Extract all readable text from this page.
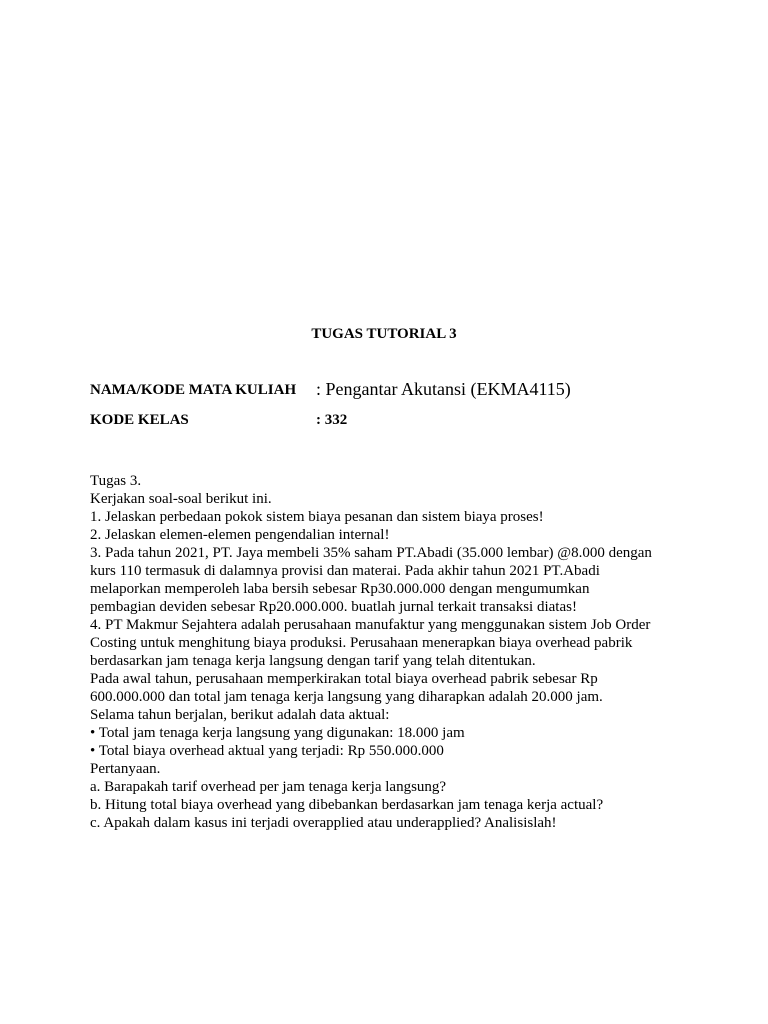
TUGAS TUTORIAL 3
NAMA/KODE MATA KULIAH : Pengantar Akutansi (EKMA4115)
KODE KELAS	: 332
Tugas 3.
Kerjakan soal-soal berikut ini.
1. Jelaskan perbedaan pokok sistem biaya pesanan dan sistem biaya proses!
2. Jelaskan elemen-elemen pengendalian internal!
3. Pada tahun 2021, PT. Jaya membeli 35% saham PT.Abadi (35.000 lembar) @8.000 dengan
kurs 110 termasuk di dalamnya provisi dan materai. Pada akhir tahun 2021 PT.Abadi
melaporkan memperoleh laba bersih sebesar Rp30.000.000 dengan mengumumkan
pembagian deviden sebesar Rp20.000.000. buatlah jurnal terkait transaksi diatas!
4. PT Makmur Sejahtera adalah perusahaan manufaktur yang menggunakan sistem Job Order
Costing untuk menghitung biaya produksi. Perusahaan menerapkan biaya overhead pabrik
berdasarkan jam tenaga kerja langsung dengan tarif yang telah ditentukan.
Pada awal tahun, perusahaan memperkirakan total biaya overhead pabrik sebesar Rp
600.000.000 dan total jam tenaga kerja langsung yang diharapkan adalah 20.000 jam.
Selama tahun berjalan, berikut adalah data aktual:
• Total jam tenaga kerja langsung yang digunakan: 18.000 jam
• Total biaya overhead aktual yang terjadi: Rp 550.000.000
Pertanyaan.
a. Barapakah tarif overhead per jam tenaga kerja langsung?
b. Hitung total biaya overhead yang dibebankan berdasarkan jam tenaga kerja actual?
c. Apakah dalam kasus ini terjadi overapplied atau underapplied? Analisislah!
